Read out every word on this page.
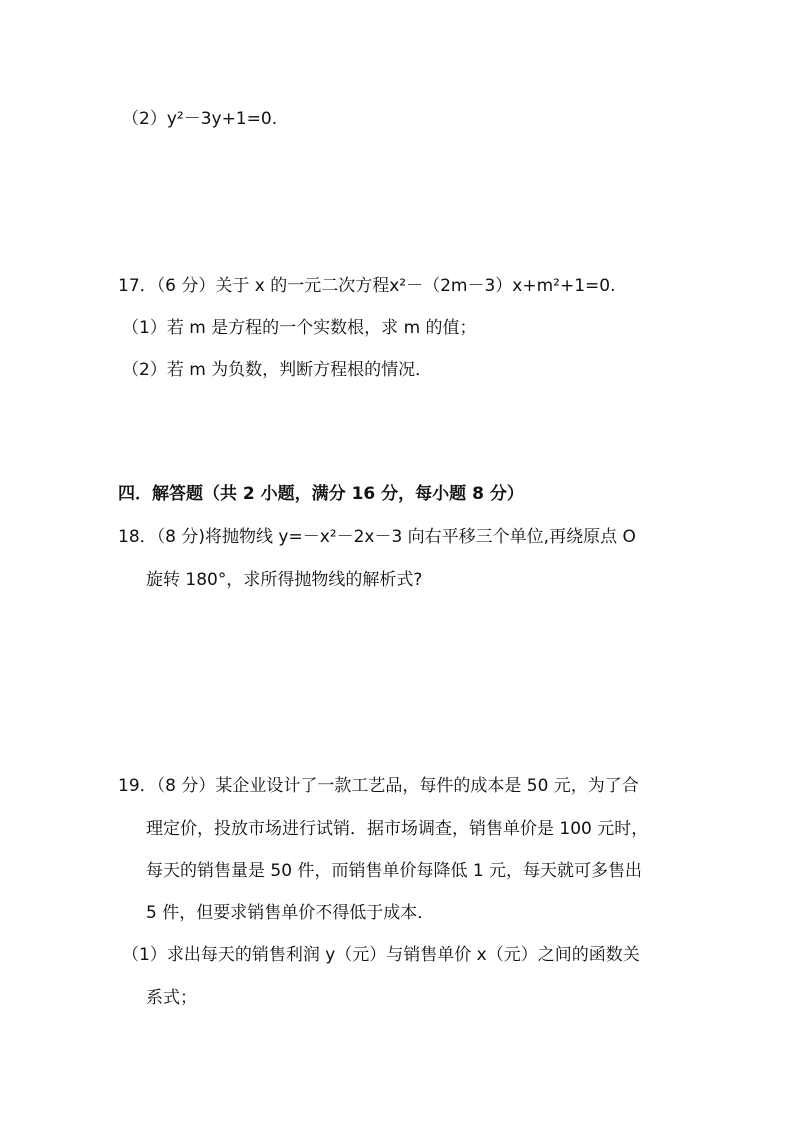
（2）y²－3y+1=0.
17．（6 分）关于 x 的一元二次方程x²－（2m－3）x+m²+1=0.
（1）若 m 是方程的一个实数根，求 m 的值；
（2）若 m 为负数，判断方程根的情况．
四．解答题（共 2 小题，满分 16 分，每小题 8 分）
18．（8 分)将抛物线 y=－x²－2x－3 向右平移三个单位,再绕原点 O
旋转 180°，求所得抛物线的解析式?
19．（8 分）某企业设计了一款工艺品，每件的成本是 50 元，为了合
理定价，投放市场进行试销．据市场调查，销售单价是 100 元时，
每天的销售量是 50 件，而销售单价每降低 1 元，每天就可多售出
5 件，但要求销售单价不得低于成本．
（1）求出每天的销售利润 y（元）与销售单价 x（元）之间的函数关
系式；
